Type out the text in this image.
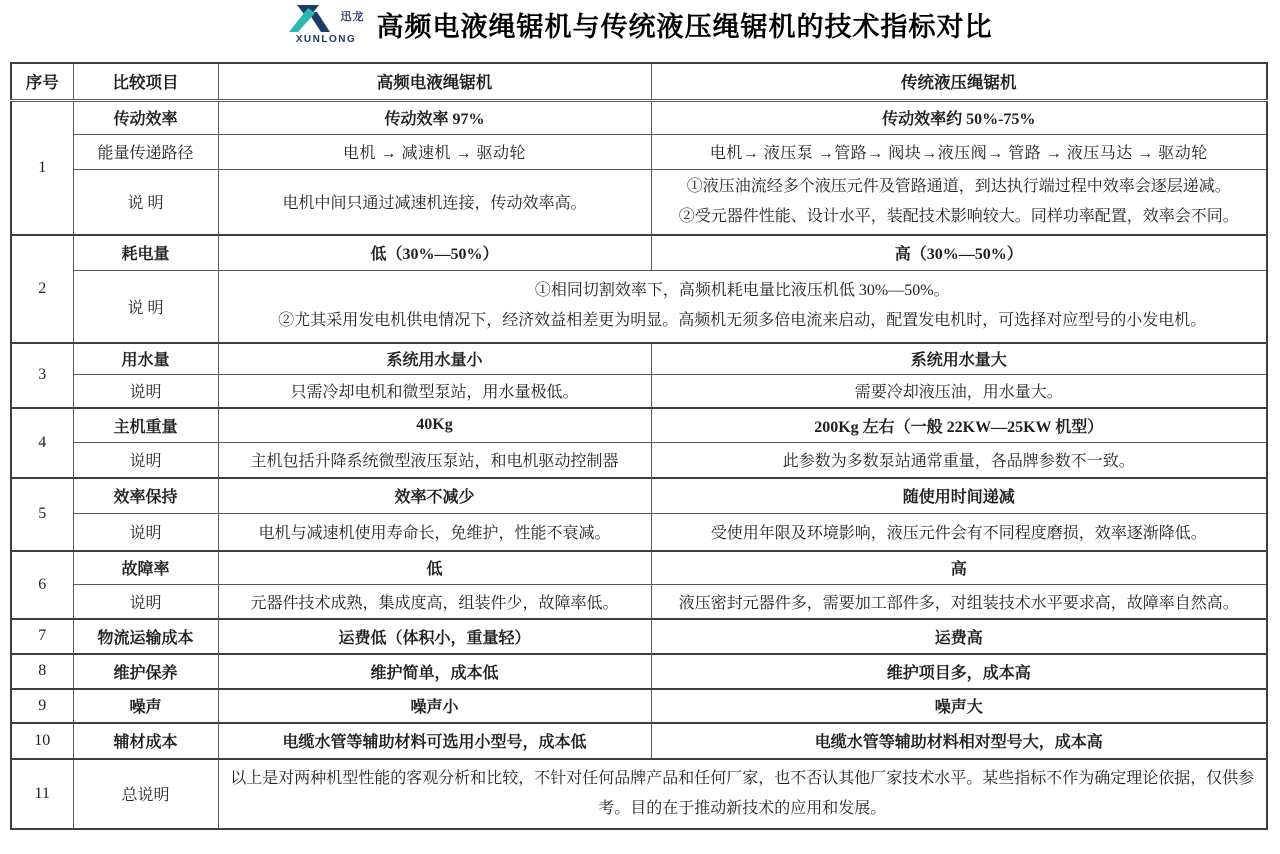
迅龙
XUNLONG 高频电液绳锯机与传统液压绳锯机的技术指标对比
序号	比较项目	高频电液绳锯机	传统液压绳锯机
1	传动效率	传动效率 97%	传动效率约 50%-75%
	能量传递路径	电机 → 减速机 → 驱动轮	电机→ 液压泵 →管路→ 阀块→液压阀→ 管路 → 液压马达 → 驱动轮
	说 明	电机中间只通过减速机连接，传动效率高。	①液压油流经多个液压元件及管路通道，到达执行端过程中效率会逐层递减。
②受元器件性能、设计水平，装配技术影响较大。同样功率配置，效率会不同。

2	耗电量	低（30%—50%）	高（30%—50%）
	说 明	①相同切割效率下，高频机耗电量比液压机低 30%—50%。
②尤其采用发电机供电情况下，经济效益相差更为明显。高频机无须多倍电流来启动，配置发电机时，可选择对应型号的小发电机。	

3	用水量	系统用水量小	系统用水量大
	说明	只需冷却电机和微型泵站，用水量极低。	需要冷却液压油，用水量大。
4	主机重量	40Kg	200Kg 左右（一般 22KW—25KW 机型）
	说明	主机包括升降系统微型液压泵站，和电机驱动控制器	此参数为多数泵站通常重量，各品牌参数不一致。
5	效率保持	效率不减少	随使用时间递减
	说明	电机与减速机使用寿命长，免维护，性能不衰减。	受使用年限及环境影响，液压元件会有不同程度磨损，效率逐渐降低。
6	故障率	低	高
	说明	元器件技术成熟，集成度高，组装件少，故障率低。	液压密封元器件多，需要加工部件多，对组装技术水平要求高，故障率自然高。
7	物流运输成本	运费低（体积小，重量轻）	运费高
8	维护保养	维护简单，成本低	维护项目多，成本高
9	噪声	噪声小	噪声大
10	辅材成本	电缆水管等辅助材料可选用小型号，成本低	电缆水管等辅助材料相对型号大，成本高
11	总说明	以上是对两种机型性能的客观分析和比较，不针对任何品牌产品和任何厂家，也不否认其他厂家技术水平。某些指标不作为确定理论依据，仅供参考。目的在于推动新技术的应用和发展。	
